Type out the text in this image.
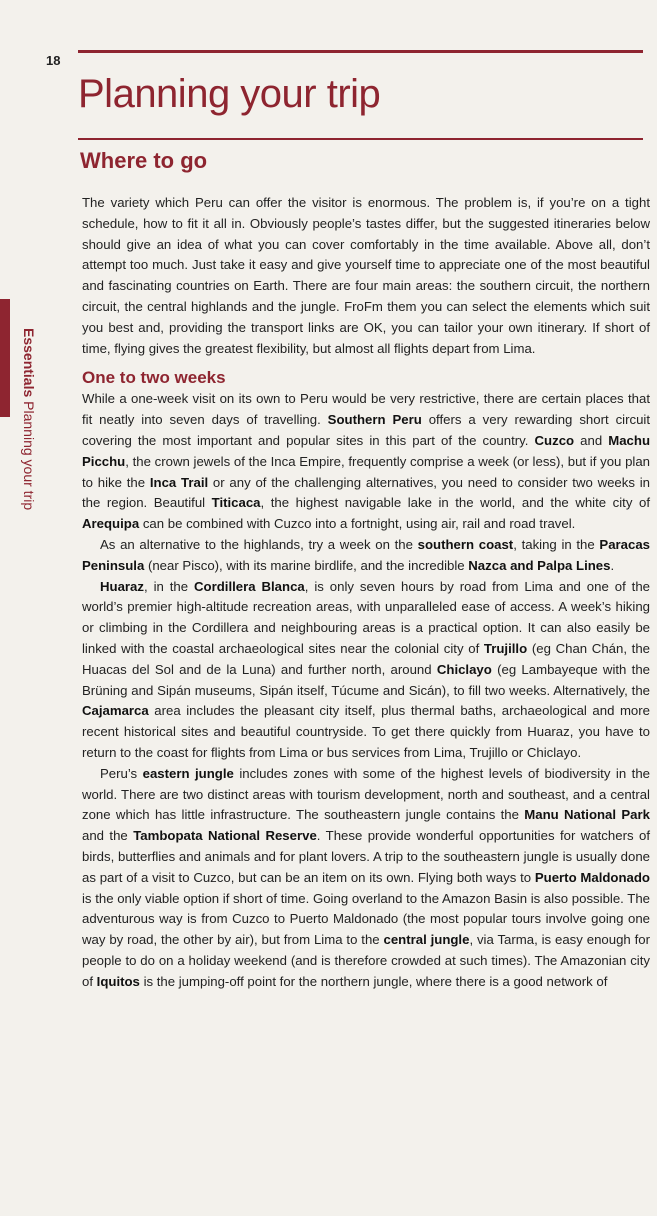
18
Planning your trip
Where to go
Essentials Planning your trip

The variety which Peru can offer the visitor is enormous. The problem is, if you’re on a tight schedule, how to fit it all in. Obviously people’s tastes differ, but the suggested itineraries below should give an idea of what you can cover comfortably in the time available. Above all, don’t attempt too much. Just take it easy and give yourself time to appreciate one of the most beautiful and fascinating countries on Earth. There are four main areas: the southern circuit, the northern circuit, the central highlands and the jungle. FroFm them you can select the elements which suit you best and, providing the transport links are OK, you can tailor your own itinerary. If short of time, flying gives the greatest flexibility, but almost all flights depart from Lima.

One to two weeks

While a one-week visit on its own to Peru would be very restrictive, there are certain places that fit neatly into seven days of travelling. Southern Peru offers a very rewarding short circuit covering the most important and popular sites in this part of the country. Cuzco and Machu Picchu, the crown jewels of the Inca Empire, frequently comprise a week (or less), but if you plan to hike the Inca Trail or any of the challenging alternatives, you need to consider two weeks in the region. Beautiful Titicaca, the highest navigable lake in the world, and the white city of Arequipa can be combined with Cuzco into a fortnight, using air, rail and road travel.

As an alternative to the highlands, try a week on the southern coast, taking in the Paracas Peninsula (near Pisco), with its marine birdlife, and the incredible Nazca and Palpa Lines.

Huaraz, in the Cordillera Blanca, is only seven hours by road from Lima and one of the world’s premier high-altitude recreation areas, with unparalleled ease of access. A week’s hiking or climbing in the Cordillera and neighbouring areas is a practical option. It can also easily be linked with the coastal archaeological sites near the colonial city of Trujillo (eg Chan Chán, the Huacas del Sol and de la Luna) and further north, around Chiclayo (eg Lambayeque with the Brüning and Sipán museums, Sipán itself, Túcume and Sicán), to fill two weeks. Alternatively, the Cajamarca area includes the pleasant city itself, plus thermal baths, archaeological and more recent historical sites and beautiful countryside. To get there quickly from Huaraz, you have to return to the coast for flights from Lima or bus services from Lima, Trujillo or Chiclayo.

Peru’s eastern jungle includes zones with some of the highest levels of biodiversity in the world. There are two distinct areas with tourism development, north and southeast, and a central zone which has little infrastructure. The southeastern jungle contains the Manu National Park and the Tambopata National Reserve. These provide wonderful opportunities for watchers of birds, butterflies and animals and for plant lovers. A trip to the southeastern jungle is usually done as part of a visit to Cuzco, but can be an item on its own. Flying both ways to Puerto Maldonado is the only viable option if short of time. Going overland to the Amazon Basin is also possible. The adventurous way is from Cuzco to Puerto Maldonado (the most popular tours involve going one way by road, the other by air), but from Lima to the central jungle, via Tarma, is easy enough for people to do on a holiday weekend (and is therefore crowded at such times). The Amazonian city of Iquitos is the jumping-off point for the northern jungle, where there is a good network of
